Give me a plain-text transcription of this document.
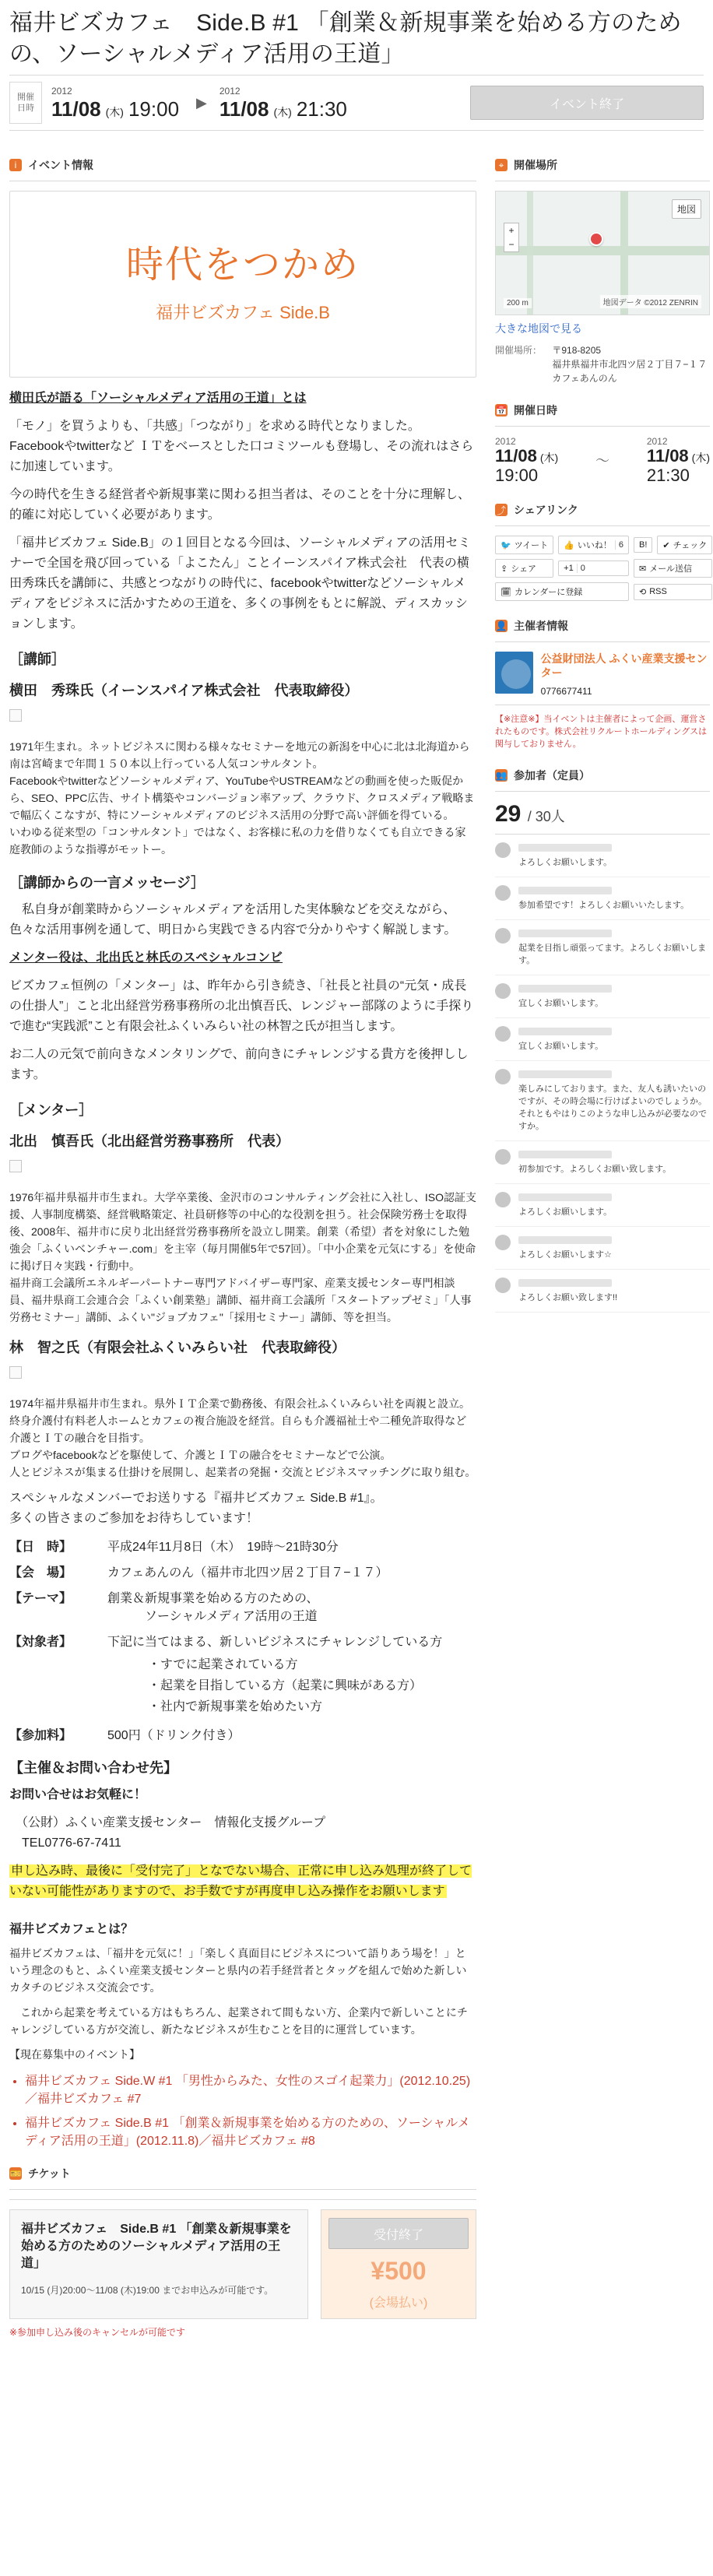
福井ビズカフェ　Side.B #1 「創業＆新規事業を始める方のための、ソーシャルメディア活用の王道」
開催
日時
2012
11/08 (木) 19:00 ▶
2012
11/08 (木) 21:30	イベント終了
i	イベント情報
時代をつかめ
福井ビズカフェ Side.B

横田氏が語る「ソーシャルメディア活用の王道」とは

「モノ」を買うよりも、「共感」「つながり」を求める時代となりました。
Facebookやtwitterなど ＩＴをベースとした口コミツールも登場し、その流れはさらに加速しています。

今の時代を生きる経営者や新規事業に関わる担当者は、そのことを十分に理解し、的確に対応していく必要があります。

「福井ビズカフェ Side.B」の１回目となる今回は、ソーシャルメディアの活用セミナーで全国を飛び回っている「よこたん」ことイーンスパイア株式会社　代表の横田秀珠氏を講師に、共感とつながりの時代に、facebookやtwitterなどソーシャルメディアをビジネスに活かすための王道を、多くの事例をもとに解説、ディスカッションします。

［講師］
横田　秀珠氏（イーンスパイア株式会社　代表取締役）

1971年生まれ。ネットビジネスに関わる様々なセミナーを地元の新潟を中心に北は北海道から南は宮崎まで年間１５０本以上行っている人気コンサルタント。
Facebookやtwitterなどソーシャルメディア、YouTubeやUSTREAMなどの動画を使った販促から、SEO、PPC広告、サイト構築やコンバージョン率アップ、クラウド、クロスメディア戦略まで幅広くこなすが、特にソーシャルメディアのビジネス活用の分野で高い評価を得ている。
いわゆる従来型の「コンサルタント」ではなく、お客様に私の力を借りなくても自立できる家庭教師のような指導がモットー。

［講師からの一言メッセージ］

　私自身が創業時からソーシャルメディアを活用した実体験などを交えながら、色々な活用事例を通して、明日から実践できる内容で分かりやすく解説します。

メンター役は、北出氏と林氏のスペシャルコンビ

ビズカフェ恒例の「メンター」は、昨年から引き続き、「社長と社員の“元気・成長の仕掛人”」こと北出経営労務事務所の北出慎吾氏、レンジャー部隊のように手探りで進む“実践派”こと有限会社ふくいみらい社の林智之氏が担当します。

お二人の元気で前向きなメンタリングで、前向きにチャレンジする貴方を後押しします。

［メンター］
北出　慎吾氏（北出経営労務事務所　代表）

1976年福井県福井市生まれ。大学卒業後、金沢市のコンサルティング会社に入社し、ISO認証支援、人事制度構築、経営戦略策定、社員研修等の中心的な役割を担う。社会保険労務士を取得後、2008年、福井市に戻り北出経営労務事務所を設立し開業。創業（希望）者を対象にした勉強会「ふくいベンチャー.com」を主宰（毎月開催5年で57回）。「中小企業を元気にする」を使命に掲げ日々実践・行動中。
福井商工会議所エネルギーパートナー専門アドバイザー専門家、産業支援センター専門相談員、福井県商工会連合会「ふくい創業塾」講師、福井商工会議所「スタートアップゼミ」「人事労務セミナー」講師、ふくい"ジョブカフェ"「採用セミナー」講師、等を担当。

林　智之氏（有限会社ふくいみらい社　代表取締役）

1974年福井県福井市生まれ。県外ＩＴ企業で勤務後、有限会社ふくいみらい社を両親と設立。終身介護付有料老人ホームとカフェの複合施設を経営。自らも介護福祉士や二種免許取得など介護とＩＴの融合を目指す。
ブログやfacebookなどを駆使して、介護とＩＴの融合をセミナーなどで公演。
人とビジネスが集まる仕掛けを展開し、起業者の発掘・交流とビジネスマッチングに取り組む。

スペシャルなメンバーでお送りする『福井ビズカフェ Side.B #1』。
多くの皆さまのご参加をお待ちしています！

【日　時】	平成24年11月8日（木）　19時〜21時30分
【会　場】	カフェあんのん（福井市北四ツ居２丁目７−１７）
【テーマ】	創業＆新規事業を始める方のための、
　　　ソーシャルメディア活用の王道
【対象者】	下記に当てはまる、新しいビジネスにチャレンジしている方
・すでに起業されている方
・起業を目指している方（起業に興味がある方）
・社内で新規事業を始めたい方
【参加料】	500円（ドリンク付き）
【主催＆お問い合わせ先】

お問い合せはお気軽に！

　（公財）ふくい産業支援センター　情報化支援グループ
　TEL0776-67-7411

申し込み時、最後に「受付完了」となでない場合、正常に申し込み処理が終了していない可能性がありますので、お手数ですが再度申し込み操作をお願いします

福井ビズカフェとは？

福井ビズカフェは、「福井を元気に！」「楽しく真面目にビジネスについて語りあう場を！」という理念のもと、ふくい産業支援センターと県内の若手経営者とタッグを組んで始めた新しいカタチのビジネス交流会です。

　これから起業を考えている方はもちろん、起業されて間もない方、企業内で新しいことにチャレンジしている方が交流し、新たなビジネスが生むことを目的に運営しています。

【現在募集中のイベント】

• 福井ビズカフェ Side.W #1 「男性からみた、女性のスゴイ起業力」(2012.10.25)／福井ビズカフェ #7
• 福井ビズカフェ Side.B #1 「創業＆新規事業を始める方のための、ソーシャルメディア活用の王道」(2012.11.8)／福井ビズカフェ #8
🎫 チケット
福井ビズカフェ　Side.B #1 「創業＆新規事業を始める方のためのソーシャルメディア活用の王道」
10/15 (月)20:00〜11/08 (木)19:00 までお申込みが可能です。
受付終了
¥500
(会場払い)
※参加申し込み後のキャンセルが可能です
⌖ 開催場所
地図
+
−
200 m	地図データ ©2012 ZENRIN
大きな地図で見る
開催場所： 〒918-8205
福井県福井市北四ツ居２丁目７−１７
カフェあんのん
📅 開催日時
2012
11/08 (木)
19:00
〜
2012
11/08 (木)
21:30
⤴ シェアリンク
🐦 ツイート 👍 いいね！ 6 B! ✔ チェック
⇪ シェア	+1 0	✉ メール送信
🗓 カレンダーに登録	⟲ RSS
👤 主催者情報
公益財団法人 ふくい産業支援センター
0776677411
【※注意※】当イベントは主催者によって企画、運営されたものです。株式会社リクルートホールディングスは関与しておりません。
👥 参加者（定員）
29 / 30人
よろしくお願いします。
参加希望です！よろしくお願いいたします。
起業を目指し頑張ってます。よろしくお願いします。
宜しくお願いします。
宜しくお願いします。
楽しみにしております。また、友人も誘いたいのですが、その時会場に行けばよいのでしょうか。それともやはりこのような申し込みが必要なのですか。
初参加です。よろしくお願い致します。
よろしくお願いします。
よろしくお願いします☆
よろしくお願い致します!!
